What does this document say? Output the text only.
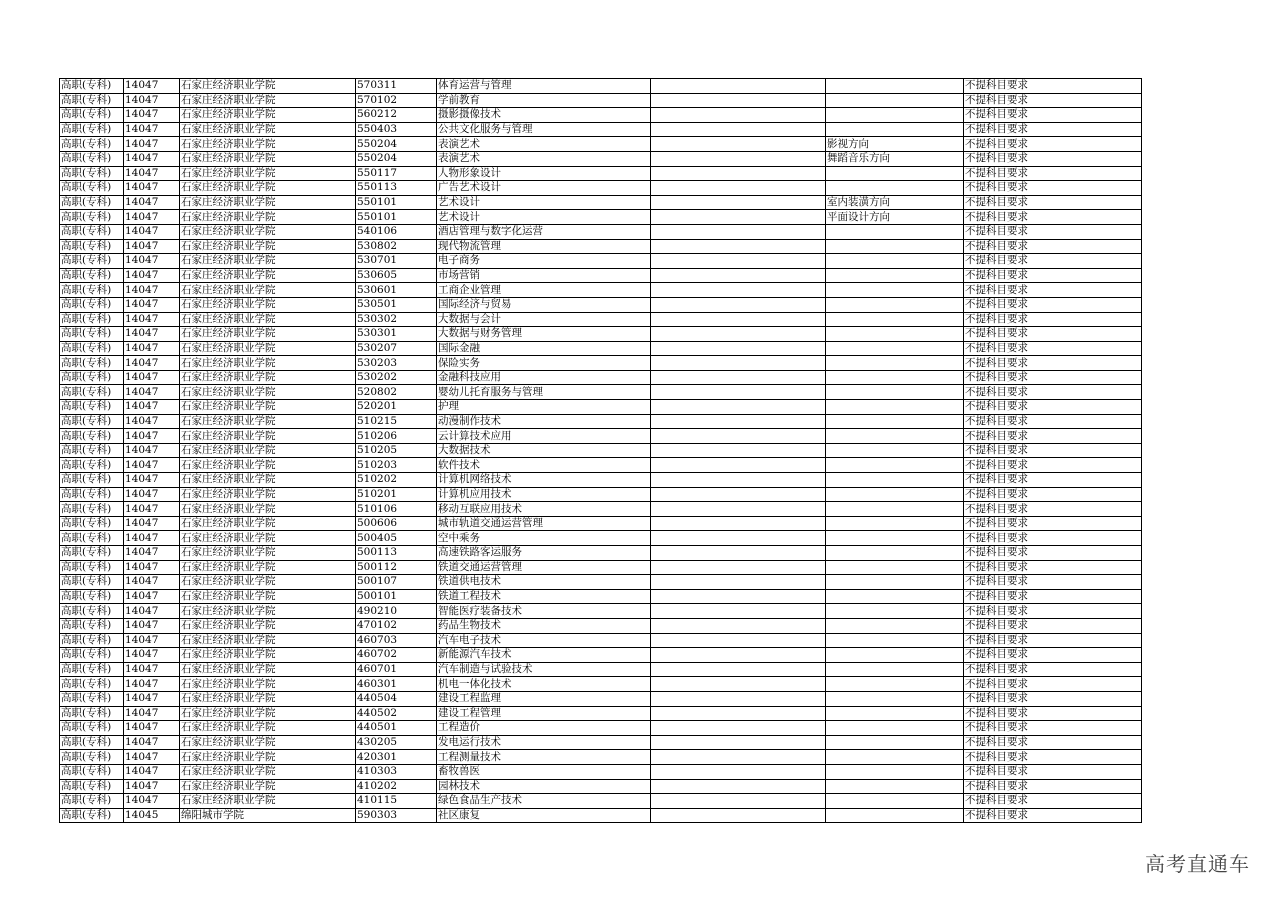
高职(专科)	14047	石家庄经济职业学院	570311	体育运营与管理			不提科目要求
高职(专科)	14047	石家庄经济职业学院	570102	学前教育			不提科目要求
高职(专科)	14047	石家庄经济职业学院	560212	摄影摄像技术			不提科目要求
高职(专科)	14047	石家庄经济职业学院	550403	公共文化服务与管理			不提科目要求
高职(专科)	14047	石家庄经济职业学院	550204	表演艺术		影视方向	不提科目要求
高职(专科)	14047	石家庄经济职业学院	550204	表演艺术		舞蹈音乐方向	不提科目要求
高职(专科)	14047	石家庄经济职业学院	550117	人物形象设计			不提科目要求
高职(专科)	14047	石家庄经济职业学院	550113	广告艺术设计			不提科目要求
高职(专科)	14047	石家庄经济职业学院	550101	艺术设计		室内装潢方向	不提科目要求
高职(专科)	14047	石家庄经济职业学院	550101	艺术设计		平面设计方向	不提科目要求
高职(专科)	14047	石家庄经济职业学院	540106	酒店管理与数字化运营			不提科目要求
高职(专科)	14047	石家庄经济职业学院	530802	现代物流管理			不提科目要求
高职(专科)	14047	石家庄经济职业学院	530701	电子商务			不提科目要求
高职(专科)	14047	石家庄经济职业学院	530605	市场营销			不提科目要求
高职(专科)	14047	石家庄经济职业学院	530601	工商企业管理			不提科目要求
高职(专科)	14047	石家庄经济职业学院	530501	国际经济与贸易			不提科目要求
高职(专科)	14047	石家庄经济职业学院	530302	大数据与会计			不提科目要求
高职(专科)	14047	石家庄经济职业学院	530301	大数据与财务管理			不提科目要求
高职(专科)	14047	石家庄经济职业学院	530207	国际金融			不提科目要求
高职(专科)	14047	石家庄经济职业学院	530203	保险实务			不提科目要求
高职(专科)	14047	石家庄经济职业学院	530202	金融科技应用			不提科目要求
高职(专科)	14047	石家庄经济职业学院	520802	婴幼儿托育服务与管理			不提科目要求
高职(专科)	14047	石家庄经济职业学院	520201	护理			不提科目要求
高职(专科)	14047	石家庄经济职业学院	510215	动漫制作技术			不提科目要求
高职(专科)	14047	石家庄经济职业学院	510206	云计算技术应用			不提科目要求
高职(专科)	14047	石家庄经济职业学院	510205	大数据技术			不提科目要求
高职(专科)	14047	石家庄经济职业学院	510203	软件技术			不提科目要求
高职(专科)	14047	石家庄经济职业学院	510202	计算机网络技术			不提科目要求
高职(专科)	14047	石家庄经济职业学院	510201	计算机应用技术			不提科目要求
高职(专科)	14047	石家庄经济职业学院	510106	移动互联应用技术			不提科目要求
高职(专科)	14047	石家庄经济职业学院	500606	城市轨道交通运营管理			不提科目要求
高职(专科)	14047	石家庄经济职业学院	500405	空中乘务			不提科目要求
高职(专科)	14047	石家庄经济职业学院	500113	高速铁路客运服务			不提科目要求
高职(专科)	14047	石家庄经济职业学院	500112	铁道交通运营管理			不提科目要求
高职(专科)	14047	石家庄经济职业学院	500107	铁道供电技术			不提科目要求
高职(专科)	14047	石家庄经济职业学院	500101	铁道工程技术			不提科目要求
高职(专科)	14047	石家庄经济职业学院	490210	智能医疗装备技术			不提科目要求
高职(专科)	14047	石家庄经济职业学院	470102	药品生物技术			不提科目要求
高职(专科)	14047	石家庄经济职业学院	460703	汽车电子技术			不提科目要求
高职(专科)	14047	石家庄经济职业学院	460702	新能源汽车技术			不提科目要求
高职(专科)	14047	石家庄经济职业学院	460701	汽车制造与试验技术			不提科目要求
高职(专科)	14047	石家庄经济职业学院	460301	机电一体化技术			不提科目要求
高职(专科)	14047	石家庄经济职业学院	440504	建设工程监理			不提科目要求
高职(专科)	14047	石家庄经济职业学院	440502	建设工程管理			不提科目要求
高职(专科)	14047	石家庄经济职业学院	440501	工程造价			不提科目要求
高职(专科)	14047	石家庄经济职业学院	430205	发电运行技术			不提科目要求
高职(专科)	14047	石家庄经济职业学院	420301	工程测量技术			不提科目要求
高职(专科)	14047	石家庄经济职业学院	410303	畜牧兽医			不提科目要求
高职(专科)	14047	石家庄经济职业学院	410202	园林技术			不提科目要求
高职(专科)	14047	石家庄经济职业学院	410115	绿色食品生产技术			不提科目要求
高职(专科)	14045	绵阳城市学院	590303	社区康复			不提科目要求
高考直通车
